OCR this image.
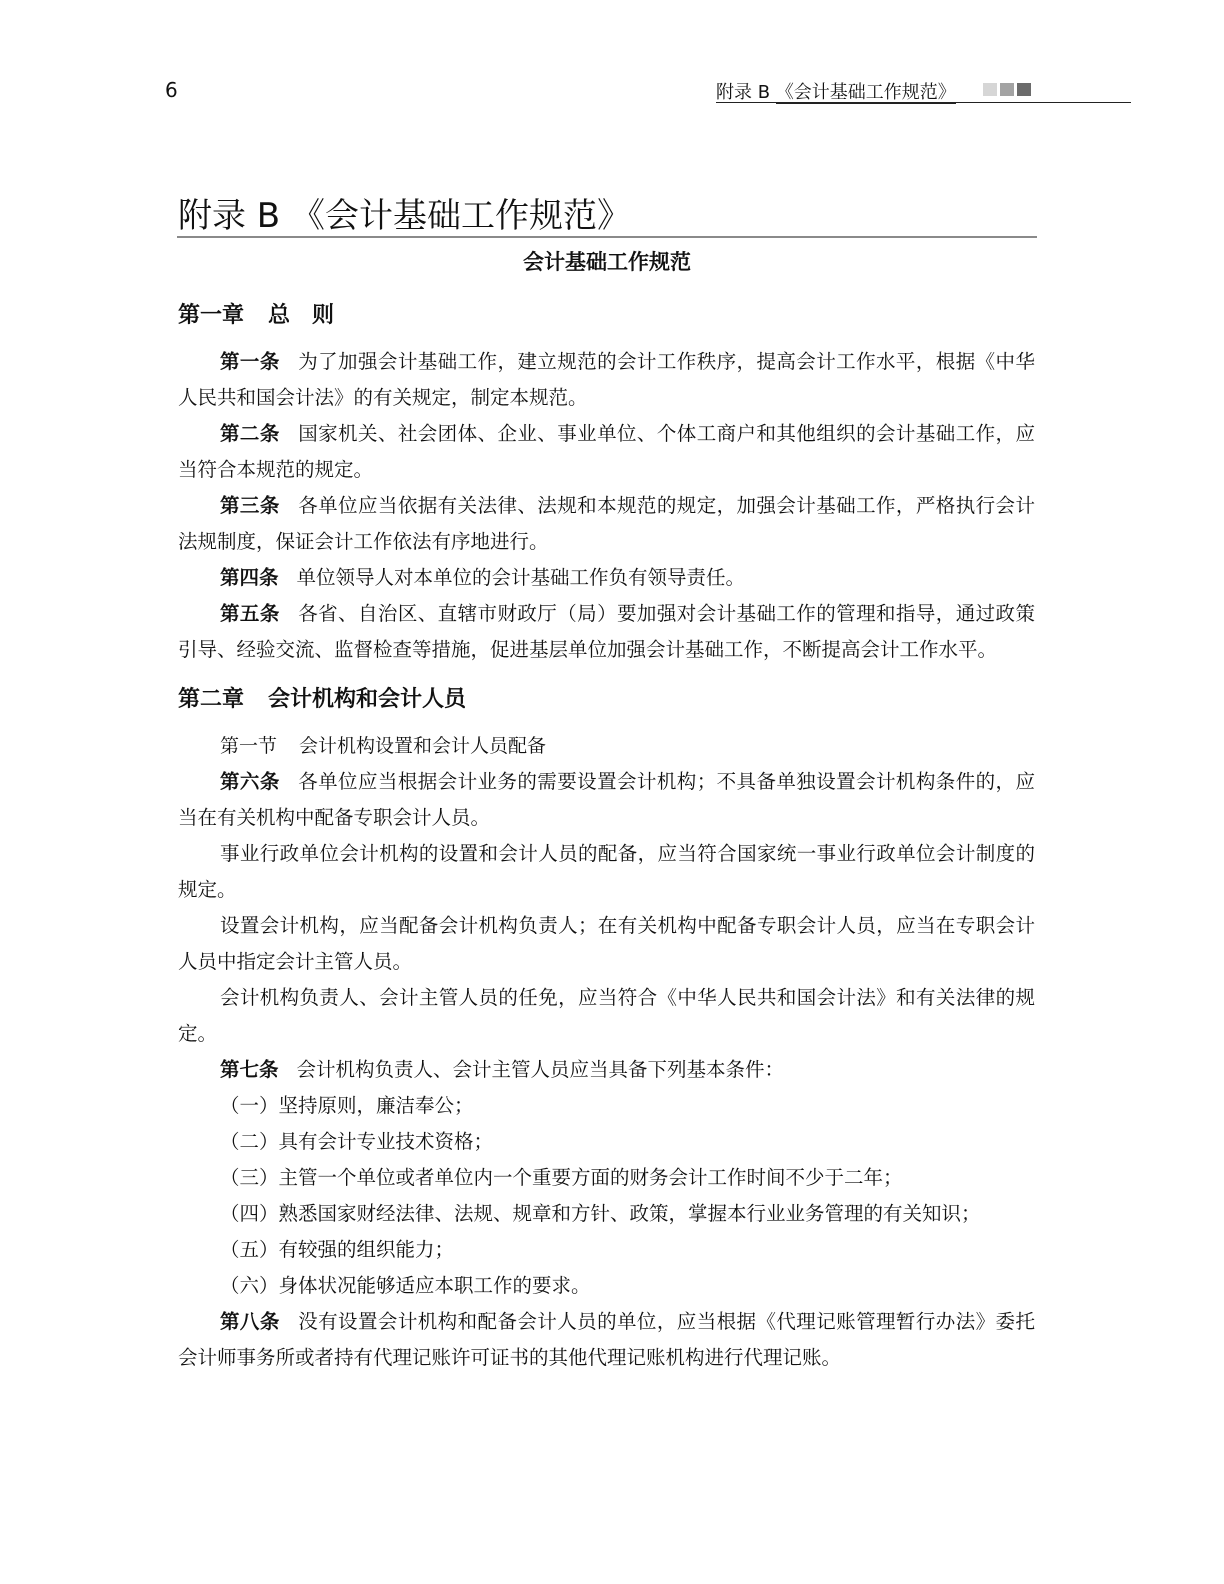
6	附录 B 《会计基础工作规范》
附录 B 《会计基础工作规范》
会计基础工作规范
第一章 总　则

第一条 为了加强会计基础工作，建立规范的会计工作秩序，提高会计工作水平，根据《中华人民共和国会计法》的有关规定，制定本规范。

第二条 国家机关、社会团体、企业、事业单位、个体工商户和其他组织的会计基础工作，应当符合本规范的规定。

第三条 各单位应当依据有关法律、法规和本规范的规定，加强会计基础工作，严格执行会计法规制度，保证会计工作依法有序地进行。

第四条 单位领导人对本单位的会计基础工作负有领导责任。

第五条 各省、自治区、直辖市财政厅（局）要加强对会计基础工作的管理和指导，通过政策引导、经验交流、监督检查等措施，促进基层单位加强会计基础工作，不断提高会计工作水平。

第二章 会计机构和会计人员

第一节 会计机构设置和会计人员配备

第六条 各单位应当根据会计业务的需要设置会计机构；不具备单独设置会计机构条件的，应当在有关机构中配备专职会计人员。

事业行政单位会计机构的设置和会计人员的配备，应当符合国家统一事业行政单位会计制度的规定。

设置会计机构，应当配备会计机构负责人；在有关机构中配备专职会计人员，应当在专职会计人员中指定会计主管人员。

会计机构负责人、会计主管人员的任免，应当符合《中华人民共和国会计法》和有关法律的规定。

第七条 会计机构负责人、会计主管人员应当具备下列基本条件：

（一）坚持原则，廉洁奉公；

（二）具有会计专业技术资格；

（三）主管一个单位或者单位内一个重要方面的财务会计工作时间不少于二年；

（四）熟悉国家财经法律、法规、规章和方针、政策，掌握本行业业务管理的有关知识；

（五）有较强的组织能力；

（六）身体状况能够适应本职工作的要求。

第八条 没有设置会计机构和配备会计人员的单位，应当根据《代理记账管理暂行办法》委托会计师事务所或者持有代理记账许可证书的其他代理记账机构进行代理记账。
